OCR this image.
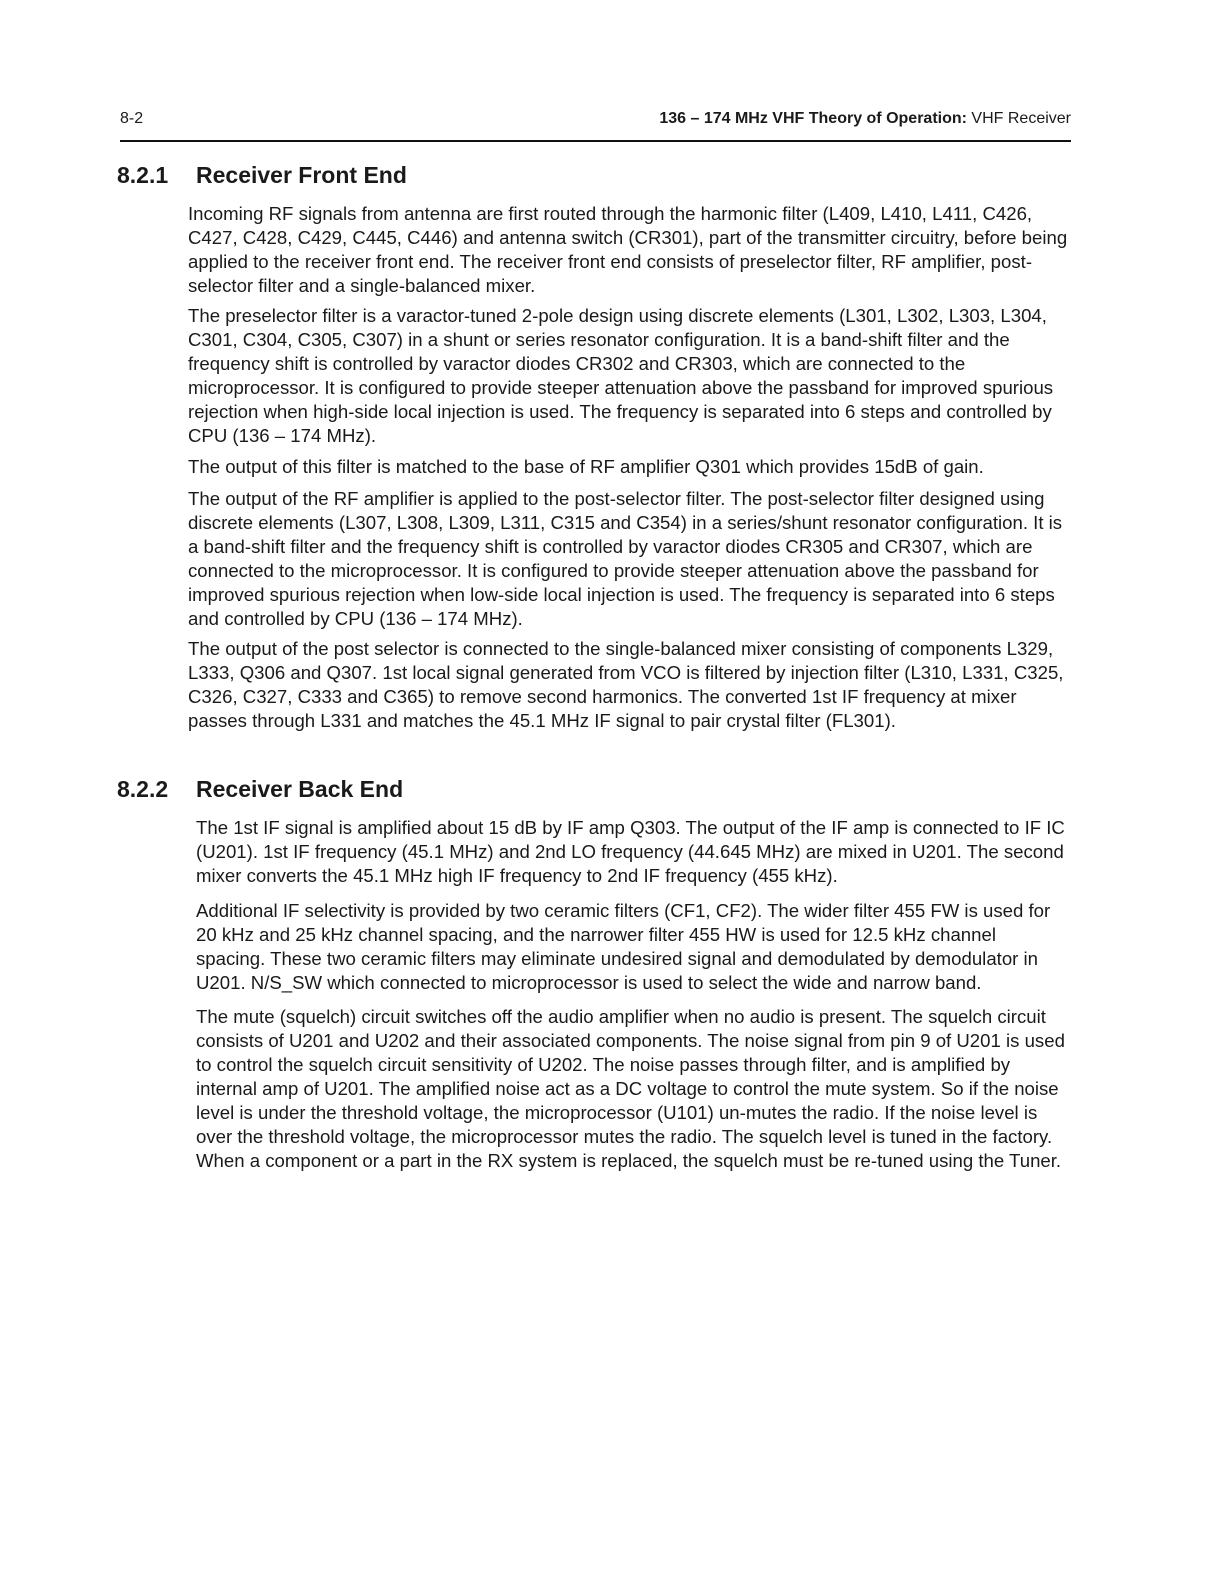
8-2	136 – 174 MHz VHF Theory of Operation: VHF Receiver
8.2.1 Receiver Front End

Incoming RF signals from antenna are first routed through the harmonic filter (L409, L410, L411, C426, C427, C428, C429, C445, C446) and antenna switch (CR301), part of the transmitter circuitry, before being applied to the receiver front end. The receiver front end consists of preselector filter, RF amplifier, post-selector filter and a single-balanced mixer.

The preselector filter is a varactor-tuned 2-pole design using discrete elements (L301, L302, L303, L304, C301, C304, C305, C307) in a shunt or series resonator configuration. It is a band-shift filter and the frequency shift is controlled by varactor diodes CR302 and CR303, which are connected to the microprocessor. It is configured to provide steeper attenuation above the passband for improved spurious rejection when high-side local injection is used. The frequency is separated into 6 steps and controlled by CPU (136 – 174 MHz).

The output of this filter is matched to the base of RF amplifier Q301 which provides 15dB of gain.

The output of the RF amplifier is applied to the post-selector filter. The post-selector filter designed using discrete elements (L307, L308, L309, L311, C315 and C354) in a series/shunt resonator configuration. It is a band-shift filter and the frequency shift is controlled by varactor diodes CR305 and CR307, which are connected to the microprocessor. It is configured to provide steeper attenuation above the passband for improved spurious rejection when low-side local injection is used. The frequency is separated into 6 steps and controlled by CPU (136 – 174 MHz).

The output of the post selector is connected to the single-balanced mixer consisting of components L329, L333, Q306 and Q307. 1st local signal generated from VCO is filtered by injection filter (L310, L331, C325, C326, C327, C333 and C365) to remove second harmonics. The converted 1st IF frequency at mixer passes through L331 and matches the 45.1 MHz IF signal to pair crystal filter (FL301).

8.2.2 Receiver Back End

The 1st IF signal is amplified about 15 dB by IF amp Q303. The output of the IF amp is connected to IF IC (U201). 1st IF frequency (45.1 MHz) and 2nd LO frequency (44.645 MHz) are mixed in U201. The second mixer converts the 45.1 MHz high IF frequency to 2nd IF frequency (455 kHz).

Additional IF selectivity is provided by two ceramic filters (CF1, CF2). The wider filter 455 FW is used for 20 kHz and 25 kHz channel spacing, and the narrower filter 455 HW is used for 12.5 kHz channel spacing. These two ceramic filters may eliminate undesired signal and demodulated by demodulator in U201. N/S_SW which connected to microprocessor is used to select the wide and narrow band.

The mute (squelch) circuit switches off the audio amplifier when no audio is present. The squelch circuit consists of U201 and U202 and their associated components. The noise signal from pin 9 of U201 is used to control the squelch circuit sensitivity of U202. The noise passes through filter, and is amplified by internal amp of U201. The amplified noise act as a DC voltage to control the mute system. So if the noise level is under the threshold voltage, the microprocessor (U101) un-mutes the radio. If the noise level is over the threshold voltage, the microprocessor mutes the radio. The squelch level is tuned in the factory. When a component or a part in the RX system is replaced, the squelch must be re-tuned using the Tuner.
